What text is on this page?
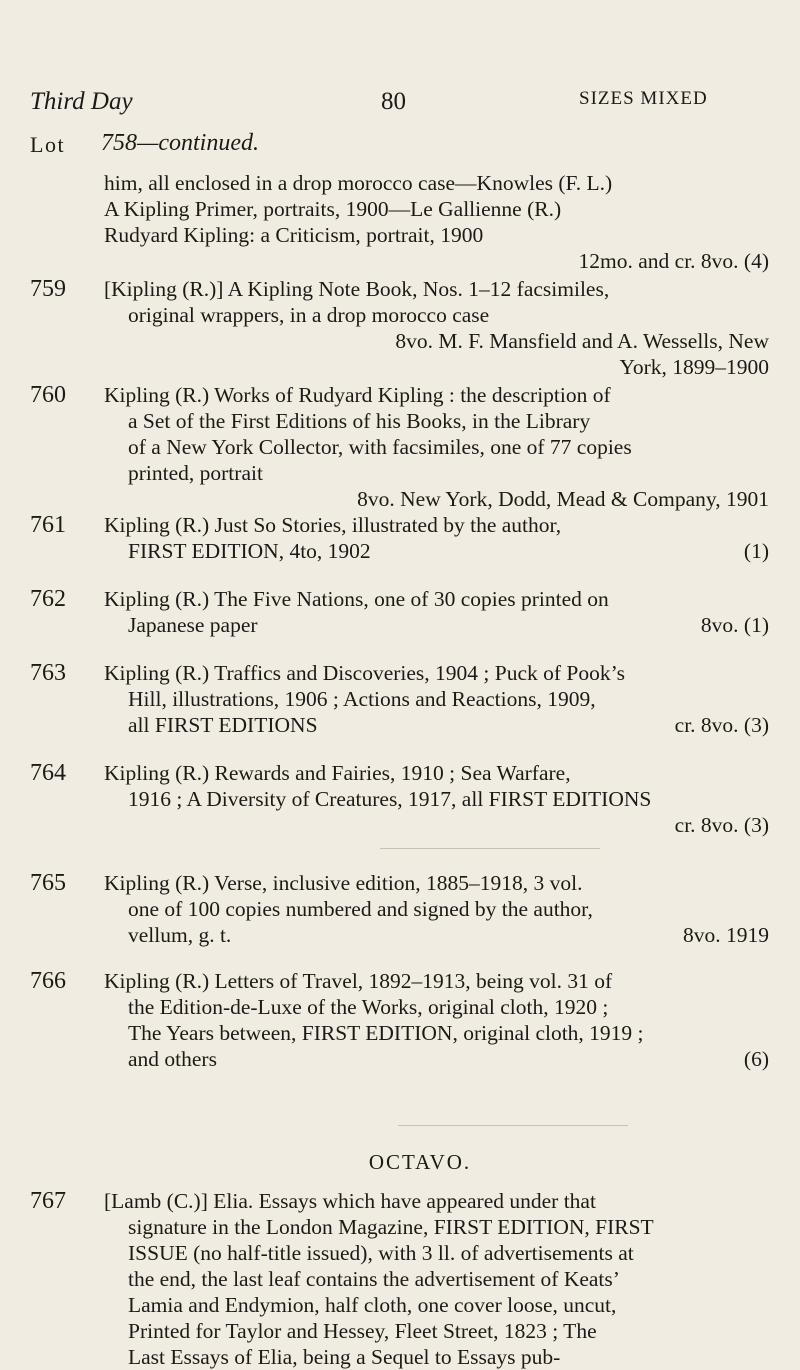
Third Day	80	SIZES MIXED
Lot 758—continued.

him, all enclosed in a drop morocco case—Knowles (F. L.)

A Kipling Primer, portraits, 1900—Le Gallienne (R.)

Rudyard Kipling: a Criticism, portrait, 1900

12mo. and cr. 8vo. (4)

759 [Kipling (R.)] A Kipling Note Book, Nos. 1–12 facsimiles,

original wrappers, in a drop morocco case

8vo. M. F. Mansfield and A. Wessells, New

York, 1899–1900

760 Kipling (R.) Works of Rudyard Kipling : the description of

a Set of the First Editions of his Books, in the Library

of a New York Collector, with facsimiles, one of 77 copies

printed, portrait

8vo. New York, Dodd, Mead & Company, 1901

761 Kipling (R.) Just So Stories, illustrated by the author,

FIRST EDITION, 4to, 1902	(1)

762 Kipling (R.) The Five Nations, one of 30 copies printed on

Japanese paper	8vo. (1)

763 Kipling (R.) Traffics and Discoveries, 1904 ; Puck of Pook’s

Hill, illustrations, 1906 ; Actions and Reactions, 1909,

all FIRST EDITIONS	cr. 8vo. (3)

764 Kipling (R.) Rewards and Fairies, 1910 ; Sea Warfare,

1916 ; A Diversity of Creatures, 1917, all FIRST EDITIONS

cr. 8vo. (3)

765 Kipling (R.) Verse, inclusive edition, 1885–1918, 3 vol.

one of 100 copies numbered and signed by the author,

vellum, g. t.	8vo. 1919

766 Kipling (R.) Letters of Travel, 1892–1913, being vol. 31 of

the Edition-de-Luxe of the Works, original cloth, 1920 ;

The Years between, FIRST EDITION, original cloth, 1919 ;

and others	(6)

OCTAVO.
767 [Lamb (C.)] Elia. Essays which have appeared under that

signature in the London Magazine, FIRST EDITION, FIRST

ISSUE (no half-title issued), with 3 ll. of advertisements at

the end, the last leaf contains the advertisement of Keats’

Lamia and Endymion, half cloth, one cover loose, uncut,

Printed for Taylor and Hessey, Fleet Street, 1823 ; The

Last Essays of Elia, being a Sequel to Essays pub-
